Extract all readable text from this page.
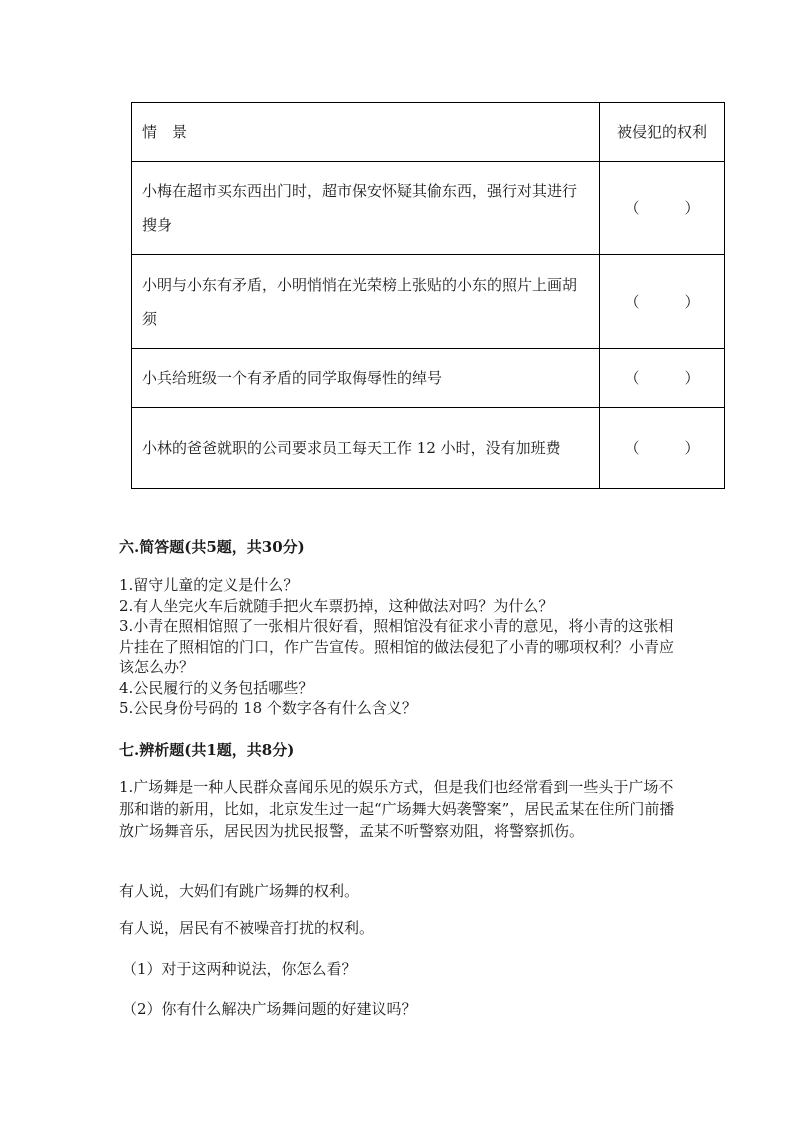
情　景	被侵犯的权利
小梅在超市买东西出门时，超市保安怀疑其偷东西，强行对其进行搜身	（　　　）
小明与小东有矛盾，小明悄悄在光荣榜上张贴的小东的照片上画胡须	（　　　）
小兵给班级一个有矛盾的同学取侮辱性的绰号	（　　　）
小林的爸爸就职的公司要求员工每天工作 12 小时，没有加班费	（　　　）
六.简答题(共5题，共30分)
1.留守儿童的定义是什么？
2.有人坐完火车后就随手把火车票扔掉，这种做法对吗？为什么？
3.小青在照相馆照了一张相片很好看，照相馆没有征求小青的意见，将小青的这张相片挂在了照相馆的门口，作广告宣传。照相馆的做法侵犯了小青的哪项权利？小青应该怎么办？
4.公民履行的义务包括哪些？
5.公民身份号码的 18 个数字各有什么含义？
七.辨析题(共1题，共8分)
1.广场舞是一种人民群众喜闻乐见的娱乐方式，但是我们也经常看到一些头于广场不那和谐的新用，比如，北京发生过一起“广场舞大妈袭警案”，居民孟某在住所门前播放广场舞音乐，居民因为扰民报警，孟某不听警察劝阻，将警察抓伤。
有人说，大妈们有跳广场舞的权利。
有人说，居民有不被噪音打扰的权利。
（1）对于这两种说法，你怎么看？
（2）你有什么解决广场舞问题的好建议吗？
